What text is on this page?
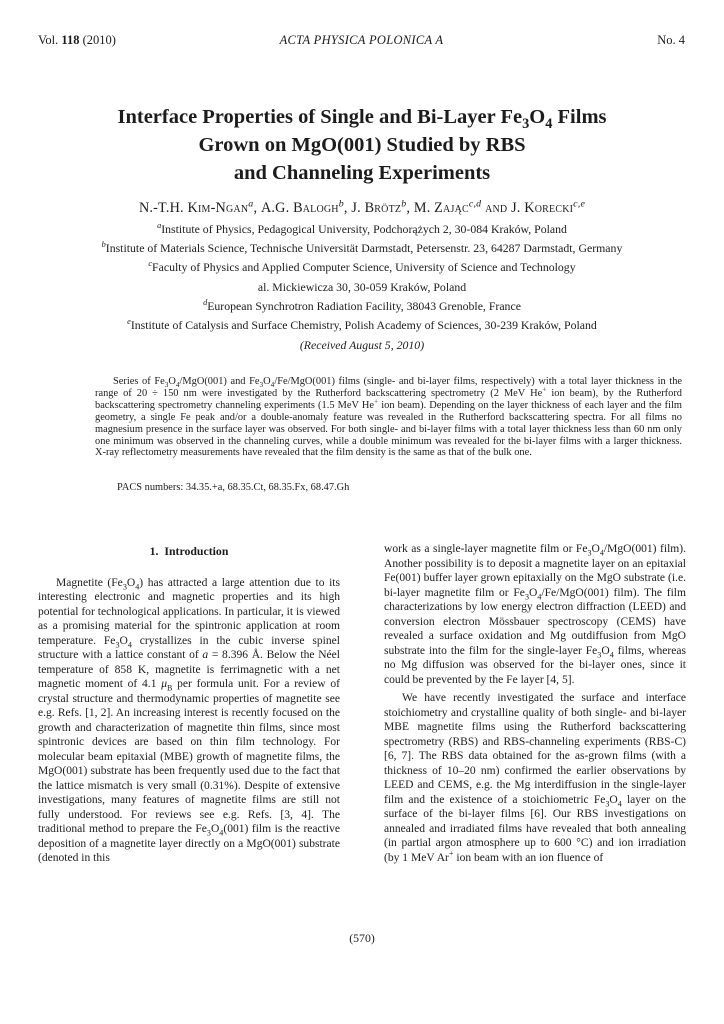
Vol. 118 (2010)	ACTA PHYSICA POLONICA A	No. 4
Interface Properties of Single and Bi-Layer $Fe_3O_4$ Films
Grown on MgO(001) Studied by RBS
and Channeling Experiments
N.-T.H. Kim-Ngan$^a$, A.G. Balogh$^b$, J. Brötz$^b$, M. Zając$^{c,d}$ and J. Korecki$^{c,e}$
$^a$Institute of Physics, Pedagogical University, Podchorążych 2, 30-084 Kraków, Poland
$^b$Institute of Materials Science, Technische Universität Darmstadt, Petersenstr. 23, 64287 Darmstadt, Germany
$^c$Faculty of Physics and Applied Computer Science, University of Science and Technology
al. Mickiewicza 30, 30-059 Kraków, Poland
$^d$European Synchrotron Radiation Facility, 38043 Grenoble, France
$^e$Institute of Catalysis and Surface Chemistry, Polish Academy of Sciences, 30-239 Kraków, Poland
(Received August 5, 2010)

Series of $Fe_3O_4/MgO(001)$ and $Fe_3O_4/Fe/MgO(001)$ films (single- and bi-layer films, respectively) with a total layer thickness in the range of 20 ÷ 150 nm were investigated by the Rutherford backscattering spectrometry (2 MeV He+ ion beam), by the Rutherford backscattering spectrometry channeling experiments (1.5 MeV He+ ion beam). Depending on the layer thickness of each layer and the film geometry, a single Fe peak and/or a double-anomaly feature was revealed in the Rutherford backscattering spectra. For all films no magnesium presence in the surface layer was observed. For both single- and bi-layer films with a total layer thickness less than 60 nm only one minimum was observed in the channeling curves, while a double minimum was revealed for the bi-layer films with a larger thickness. X-ray reflectometry measurements have revealed that the film density is the same as that of the bulk one.

PACS numbers: 34.35.+a, 68.35.Ct, 68.35.Fx, 68.47.Gh
1. Introduction

Magnetite $(Fe_3O_4)$ has attracted a large attention due to its interesting electronic and magnetic properties and its high potential for technological applications. In particular, it is viewed as a promising material for the spintronic application at room temperature. $Fe_3O_4$ crystallizes in the cubic inverse spinel structure with a lattice constant of a = 8.396 Å. Below the Néel temperature of 858 K, magnetite is ferrimagnetic with a net magnetic moment of 4.1 $\mu_B$ per formula unit. For a review of crystal structure and thermodynamic properties of magnetite see e.g. Refs. [1, 2]. An increasing interest is recently focused on the growth and characterization of magnetite thin films, since most spintronic devices are based on thin film technology. For molecular beam epitaxial (MBE) growth of magnetite films, the MgO(001) substrate has been frequently used due to the fact that the lattice mismatch is very small (0.31%). Despite of extensive investigations, many features of magnetite films are still not fully understood. For reviews see e.g. Refs. [3, 4]. The traditional method to prepare the $Fe_3O_4(001)$ film is the reactive deposition of a magnetite layer directly on a MgO(001) substrate (denoted in this

work as a single-layer magnetite film or $Fe_3O_4/MgO(001)$ film). Another possibility is to deposit a magnetite layer on an epitaxial Fe(001) buffer layer grown epitaxially on the MgO substrate (i.e. bi-layer magnetite film or $Fe_3O_4/Fe/MgO(001)$ film). The film characterizations by low energy electron diffraction (LEED) and conversion electron Mössbauer spectroscopy (CEMS) have revealed a surface oxidation and Mg outdiffusion from MgO substrate into the film for the single-layer $Fe_3O_4$ films, whereas no Mg diffusion was observed for the bi-layer ones, since it could be prevented by the Fe layer [4, 5].

We have recently investigated the surface and interface stoichiometry and crystalline quality of both single- and bi-layer MBE magnetite films using the Rutherford backscattering spectrometry (RBS) and RBS-channeling experiments (RBS-C) [6, 7]. The RBS data obtained for the as-grown films (with a thickness of 10–20 nm) confirmed the earlier observations by LEED and CEMS, e.g. the Mg interdiffusion in the single-layer film and the existence of a stoichiometric $Fe_3O_4$ layer on the surface of the bi-layer films [6]. Our RBS investigations on annealed and irradiated films have revealed that both annealing (in partial argon atmosphere up to 600 °C) and ion irradiation (by 1 MeV Ar+ ion beam with an ion fluence of

(570)
